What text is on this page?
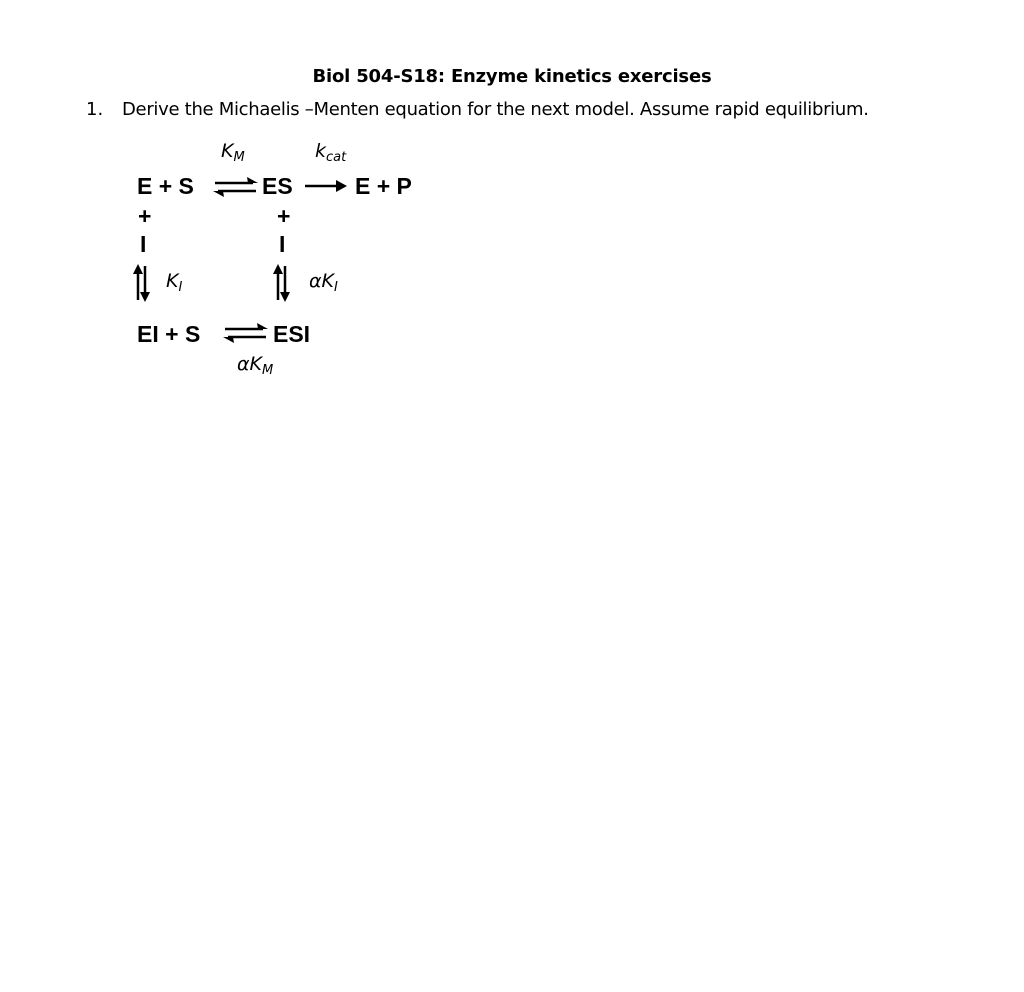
Biol 504-S18: Enzyme kinetics exercises
1. Derive the Michaelis –Menten equation for the next model. Assume rapid equilibrium.
$K_M$	$k_{cat}$
E + S ⇌ ES	E + P
+
I
$K_I$
+
I
$\alpha K_I$
EI + S ⇌ ESI
$\alpha K_M$
